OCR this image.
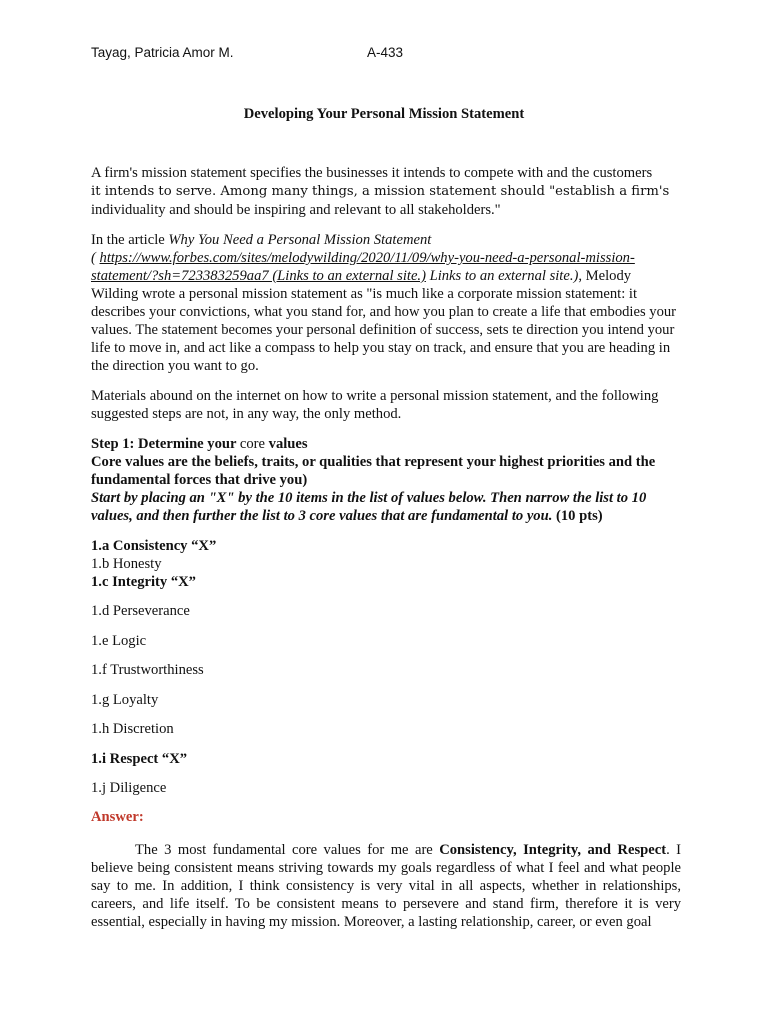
Tayag, Patricia Amor M.	A-433
Developing Your Personal Mission Statement

A firm's mission statement specifies the businesses it intends to compete with and the customers
it intends to serve. Among many things, a mission statement should "establish a firm's
individuality and should be inspiring and relevant to all stakeholders."

In the article Why You Need a Personal Mission Statement
( https://www.forbes.com/sites/melodywilding/2020/11/09/why-you-need-a-personal-mission-statement/?sh=723383259aa7 (Links to an external site.) Links to an external site.), Melody Wilding wrote a personal mission statement as "is much like a corporate mission statement: it describes your convictions, what you stand for, and how you plan to create a life that embodies your values. The statement becomes your personal definition of success, sets te direction you intend your life to move in, and act like a compass to help you stay on track, and ensure that you are heading in the direction you want to go.

Materials abound on the internet on how to write a personal mission statement, and the following suggested steps are not, in any way, the only method.

Step 1: Determine your core values

Core values are the beliefs, traits, or qualities that represent your highest priorities and the fundamental forces that drive you)

Start by placing an "X" by the 10 items in the list of values below. Then narrow the list to 10 values, and then further the list to 3 core values that are fundamental to you. (10 pts)

1.a Consistency “X”

1.b Honesty

1.c Integrity “X”

1.d Perseverance

1.e Logic

1.f Trustworthiness

1.g Loyalty

1.h Discretion

1.i Respect “X”

1.j Diligence

Answer:

The 3 most fundamental core values for me are Consistency, Integrity, and Respect. I believe being consistent means striving towards my goals regardless of what I feel and what people say to me. In addition, I think consistency is very vital in all aspects, whether in relationships, careers, and life itself. To be consistent means to persevere and stand firm, therefore it is very essential, especially in having my mission. Moreover, a lasting relationship, career, or even goal
